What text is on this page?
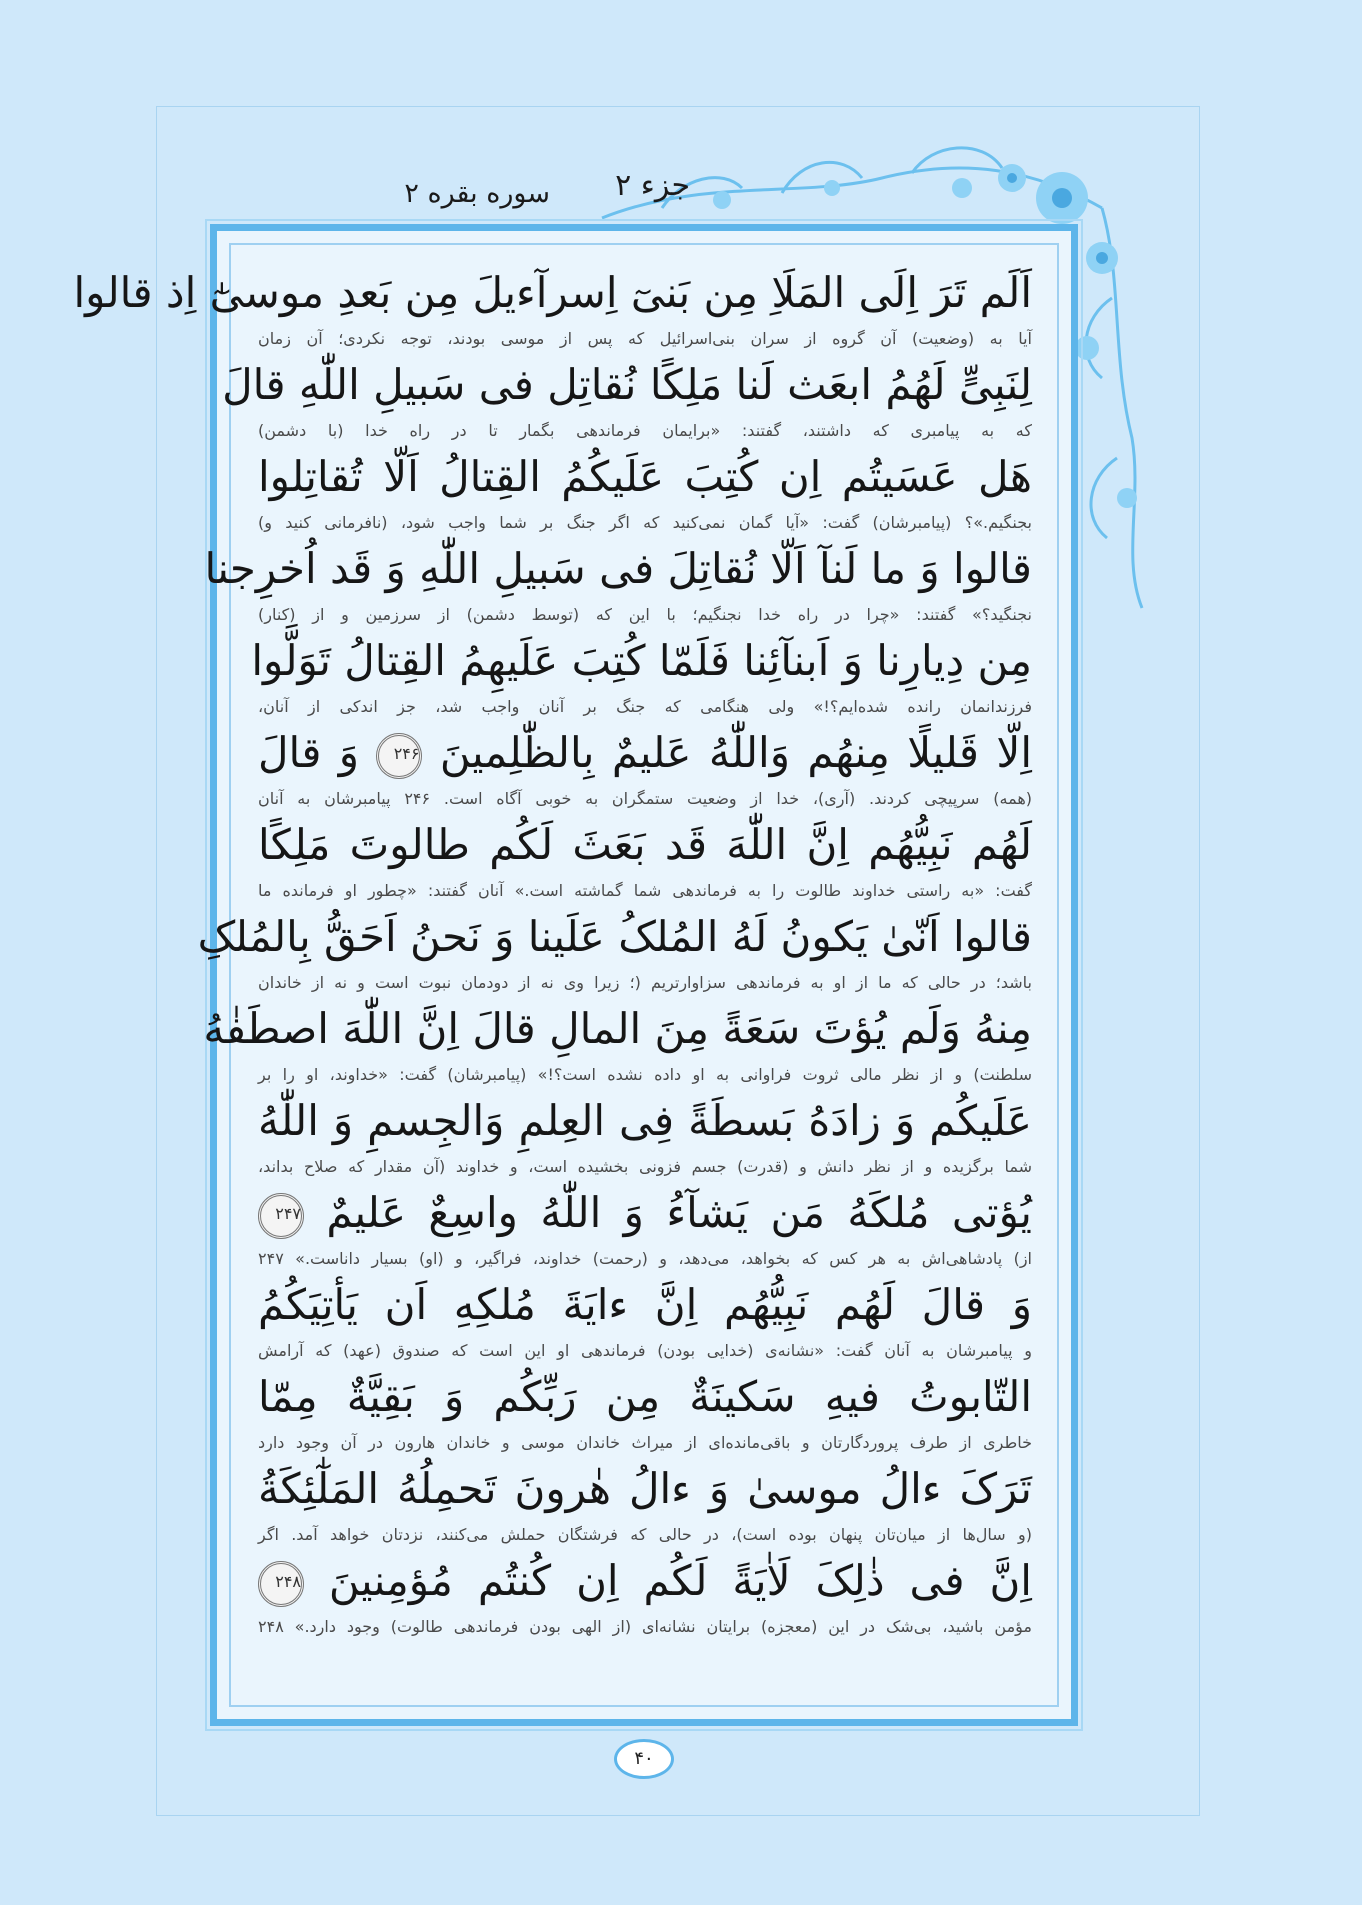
جزء ۲
سوره بقره ۲
اَلَم تَرَ اِلَی المَلَاِ مِن بَنیٓ اِسرآءیلَ مِن بَعدِ موسیٰٓ اِذ قالوا
آیا به (وضعیت) آن گروه از سران بنی‌اسرائیل که پس از موسی بودند، توجه نکردی؛ آن زمان
لِنَبِیٍّ لَهُمُ ابعَث لَنا مَلِکًا نُقاتِل فی سَبیلِ اللّٰهِ قالَ
که به پیامبری که داشتند، گفتند: «برایمان فرماندهی بگمار تا در راه خدا (با دشمن)
هَل عَسَیتُم اِن کُتِبَ عَلَیکُمُ القِتالُ اَلّا تُقاتِلوا
بجنگیم.»؟ (پیامبرشان) گفت: «آیا گمان نمی‌کنید که اگر جنگ بر شما واجب شود، (نافرمانی کنید و)
قالوا وَ ما لَنآ اَلّا نُقاتِلَ فی سَبیلِ اللّٰهِ وَ قَد اُخرِجنا
نجنگید؟» گفتند: «چرا در راه خدا نجنگیم؛ با این که (توسط دشمن) از سرزمین و از (کنار)
مِن دِیارِنا وَ اَبنآئِنا فَلَمّا کُتِبَ عَلَیهِمُ القِتالُ تَوَلَّوا
فرزندانمان رانده شده‌ایم؟!» ولی هنگامی که جنگ بر آنان واجب شد، جز اندکی از آنان،
اِلّا قَلیلًا مِنهُم وَاللّٰهُ عَلیمٌ بِالظّٰلِمینَ ۲۴۶ وَ قالَ
(همه) سرپیچی کردند. (آری)، خدا از وضعیت ستمگران به خوبی آگاه است. ۲۴۶ پیامبرشان به آنان
لَهُم نَبِیُّهُم اِنَّ اللّٰهَ قَد بَعَثَ لَکُم طالوتَ مَلِکًا
گفت: «به راستی خداوند طالوت را به فرماندهی شما گماشته است.» آنان گفتند: «چطور او فرمانده ما
قالوا اَنّیٰ یَکونُ لَهُ المُلکُ عَلَینا وَ نَحنُ اَحَقُّ بِالمُلکِ
باشد؛ در حالی که ما از او به فرماندهی سزاوارتریم (؛ زیرا وی نه از دودمان نبوت است و نه از خاندان
مِنهُ وَلَم یُؤتَ سَعَةً مِنَ المالِ قالَ اِنَّ اللّٰهَ اصطَفٰهُ
سلطنت) و از نظر مالی ثروت فراوانی به او داده نشده است؟!» (پیامبرشان) گفت: «خداوند، او را بر
عَلَیکُم وَ زادَهُ بَسطَةً فِی العِلمِ وَالجِسمِ وَ اللّٰهُ
شما برگزیده و از نظر دانش و (قدرت) جسم فزونی بخشیده است، و خداوند (آن مقدار که صلاح بداند،
یُؤتی مُلکَهُ مَن یَشآءُ وَ اللّٰهُ واسِعٌ عَلیمٌ ۲۴۷
از) پادشاهی‌اش به هر کس که بخواهد، می‌دهد، و (رحمت) خداوند، فراگیر، و (او) بسیار داناست.» ۲۴۷
وَ قالَ لَهُم نَبِیُّهُم اِنَّ ءایَةَ مُلکِهِ اَن یَأتِیَکُمُ
و پیامبرشان به آنان گفت: «نشانه‌ی (خدایی بودن) فرماندهی او این است که صندوق (عهد) که آرامش
التّابوتُ فیهِ سَکینَةٌ مِن رَبِّکُم وَ بَقِیَّةٌ مِمّا
خاطری از طرف پروردگارتان و باقی‌مانده‌ای از میراث خاندان موسی و خاندان هارون در آن وجود دارد
تَرَکَ ءالُ موسیٰ وَ ءالُ هٰرونَ تَحمِلُهُ المَلٰٓئِکَةُ
(و سال‌ها از میان‌تان پنهان بوده است)، در حالی که فرشتگان حملش می‌کنند، نزدتان خواهد آمد. اگر
اِنَّ فی ذٰلِکَ لَاٰیَةً لَکُم اِن کُنتُم مُؤمِنینَ ۲۴۸
مؤمن باشید، بی‌شک در این (معجزه) برایتان نشانه‌ای (از الهی بودن فرماندهی طالوت) وجود دارد.» ۲۴۸
۴۰
